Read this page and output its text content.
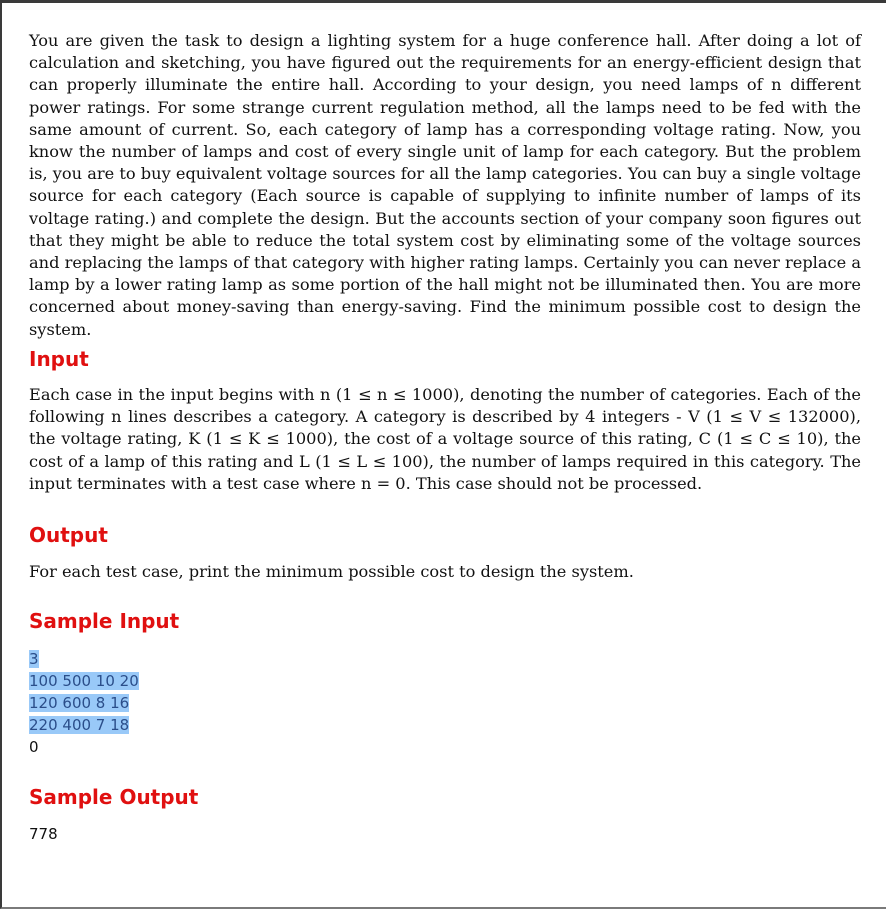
You are given the task to design a lighting system for a huge conference hall. After doing a lot of calculation and sketching, you have figured out the requirements for an energy-efficient design that can properly illuminate the entire hall. According to your design, you need lamps of n different power ratings. For some strange current regulation method, all the lamps need to be fed with the same amount of current. So, each category of lamp has a corresponding voltage rating. Now, you know the number of lamps and cost of every single unit of lamp for each category. But the problem is, you are to buy equivalent voltage sources for all the lamp categories. You can buy a single voltage source for each category (Each source is capable of supplying to infinite number of lamps of its voltage rating.) and complete the design. But the accounts section of your company soon figures out that they might be able to reduce the total system cost by eliminating some of the voltage sources and replacing the lamps of that category with higher rating lamps. Certainly you can never replace a lamp by a lower rating lamp as some portion of the hall might not be illuminated then. You are more concerned about money-saving than energy-saving. Find the minimum possible cost to design the system.

Input

Each case in the input begins with n (1 ≤ n ≤ 1000), denoting the number of categories. Each of the following n lines describes a category. A category is described by 4 integers - V (1 ≤ V ≤ 132000), the voltage rating, K (1 ≤ K ≤ 1000), the cost of a voltage source of this rating, C (1 ≤ C ≤ 10), the cost of a lamp of this rating and L (1 ≤ L ≤ 100), the number of lamps required in this category. The input terminates with a test case where n = 0. This case should not be processed.

Output

For each test case, print the minimum possible cost to design the system.

Sample Input
3
100 500 10 20
120 600 8 16
220 400 7 18
0
Sample Output
778
